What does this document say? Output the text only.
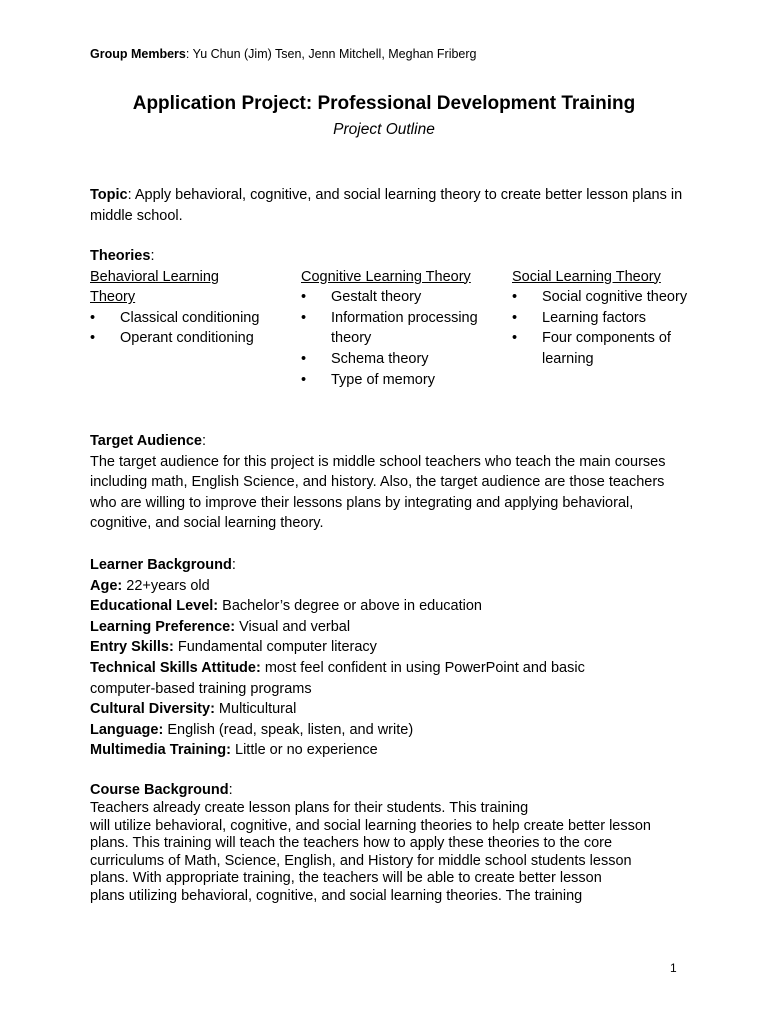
Group Members: Yu Chun (Jim) Tsen, Jenn Mitchell, Meghan Friberg
Application Project: Professional Development Training
Project Outline

Topic: Apply behavioral, cognitive, and social learning theory to create better lesson plans in middle school.

Theories:
Behavioral Learning Theory
• Classical conditioning
• Operant conditioning
Cognitive Learning Theory
• Gestalt theory
• Information processing theory
• Schema theory
• Type of memory
Social Learning Theory
• Social cognitive theory
• Learning factors
• Four components of learning
Target Audience:

The target audience for this project is middle school teachers who teach the main courses including math, English Science, and history. Also, the target audience are those teachers who are willing to improve their lessons plans by integrating and applying behavioral, cognitive, and social learning theory.

Learner Background:
Age: 22+years old
Educational Level: Bachelor’s degree or above in education
Learning Preference: Visual and verbal
Entry Skills: Fundamental computer literacy
Technical Skills Attitude: most feel confident in using PowerPoint and basic computer-based training programs
Cultural Diversity: Multicultural
Language: English (read, speak, listen, and write)
Multimedia Training: Little or no experience
Course Background:
Teachers already create lesson plans for their students. This training
will utilize behavioral, cognitive, and social learning theories to help create better lesson
plans. This training will teach the teachers how to apply these theories to the core
curriculums of Math, Science, English, and History for middle school students lesson
plans. With appropriate training, the teachers will be able to create better lesson
plans utilizing behavioral, cognitive, and social learning theories. The training
1
